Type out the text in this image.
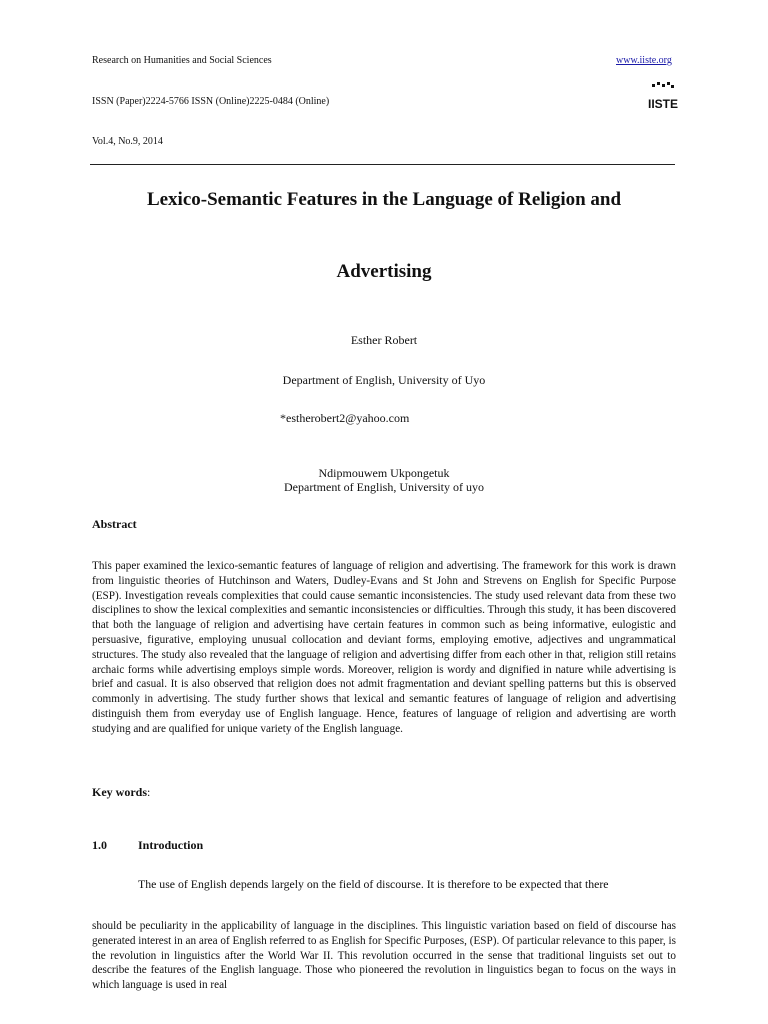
Research on Humanities and Social Sciences	www.iiste.org
ISSN (Paper)2224-5766 ISSN (Online)2225-0484 (Online)
Vol.4, No.9, 2014
IISTE
Lexico-Semantic Features in the Language of Religion and
Advertising
Esther Robert
Department of English, University of Uyo
*estherobert2@yahoo.com
Ndipmouwem Ukpongetuk
Department of English, University of uyo
Abstract
This paper examined the lexico-semantic features of language of religion and advertising. The framework for this work is drawn from linguistic theories of Hutchinson and Waters, Dudley-Evans and St John and Strevens on English for Specific Purpose (ESP). Investigation reveals complexities that could cause semantic inconsistencies. The study used relevant data from these two disciplines to show the lexical complexities and semantic inconsistencies or difficulties. Through this study, it has been discovered that both the language of religion and advertising have certain features in common such as being informative, eulogistic and persuasive, figurative, employing unusual collocation and deviant forms, employing emotive, adjectives and ungrammatical structures. The study also revealed that the language of religion and advertising differ from each other in that, religion still retains archaic forms while advertising employs simple words. Moreover, religion is wordy and dignified in nature while advertising is brief and casual. It is also observed that religion does not admit fragmentation and deviant spelling patterns but this is observed commonly in advertising. The study further shows that lexical and semantic features of language of religion and advertising distinguish them from everyday use of English language. Hence, features of language of religion and advertising are worth studying and are qualified for unique variety of the English language.
Key words:
1.0	Introduction
The use of English depends largely on the field of discourse. It is therefore to be expected that there
should be peculiarity in the applicability of language in the disciplines. This linguistic variation based on field of discourse has generated interest in an area of English referred to as English for Specific Purposes, (ESP). Of particular relevance to this paper, is the revolution in linguistics after the World War II. This revolution occurred in the sense that traditional linguists set out to describe the features of the English language. Those who pioneered the revolution in linguistics began to focus on the ways in which language is used in real
